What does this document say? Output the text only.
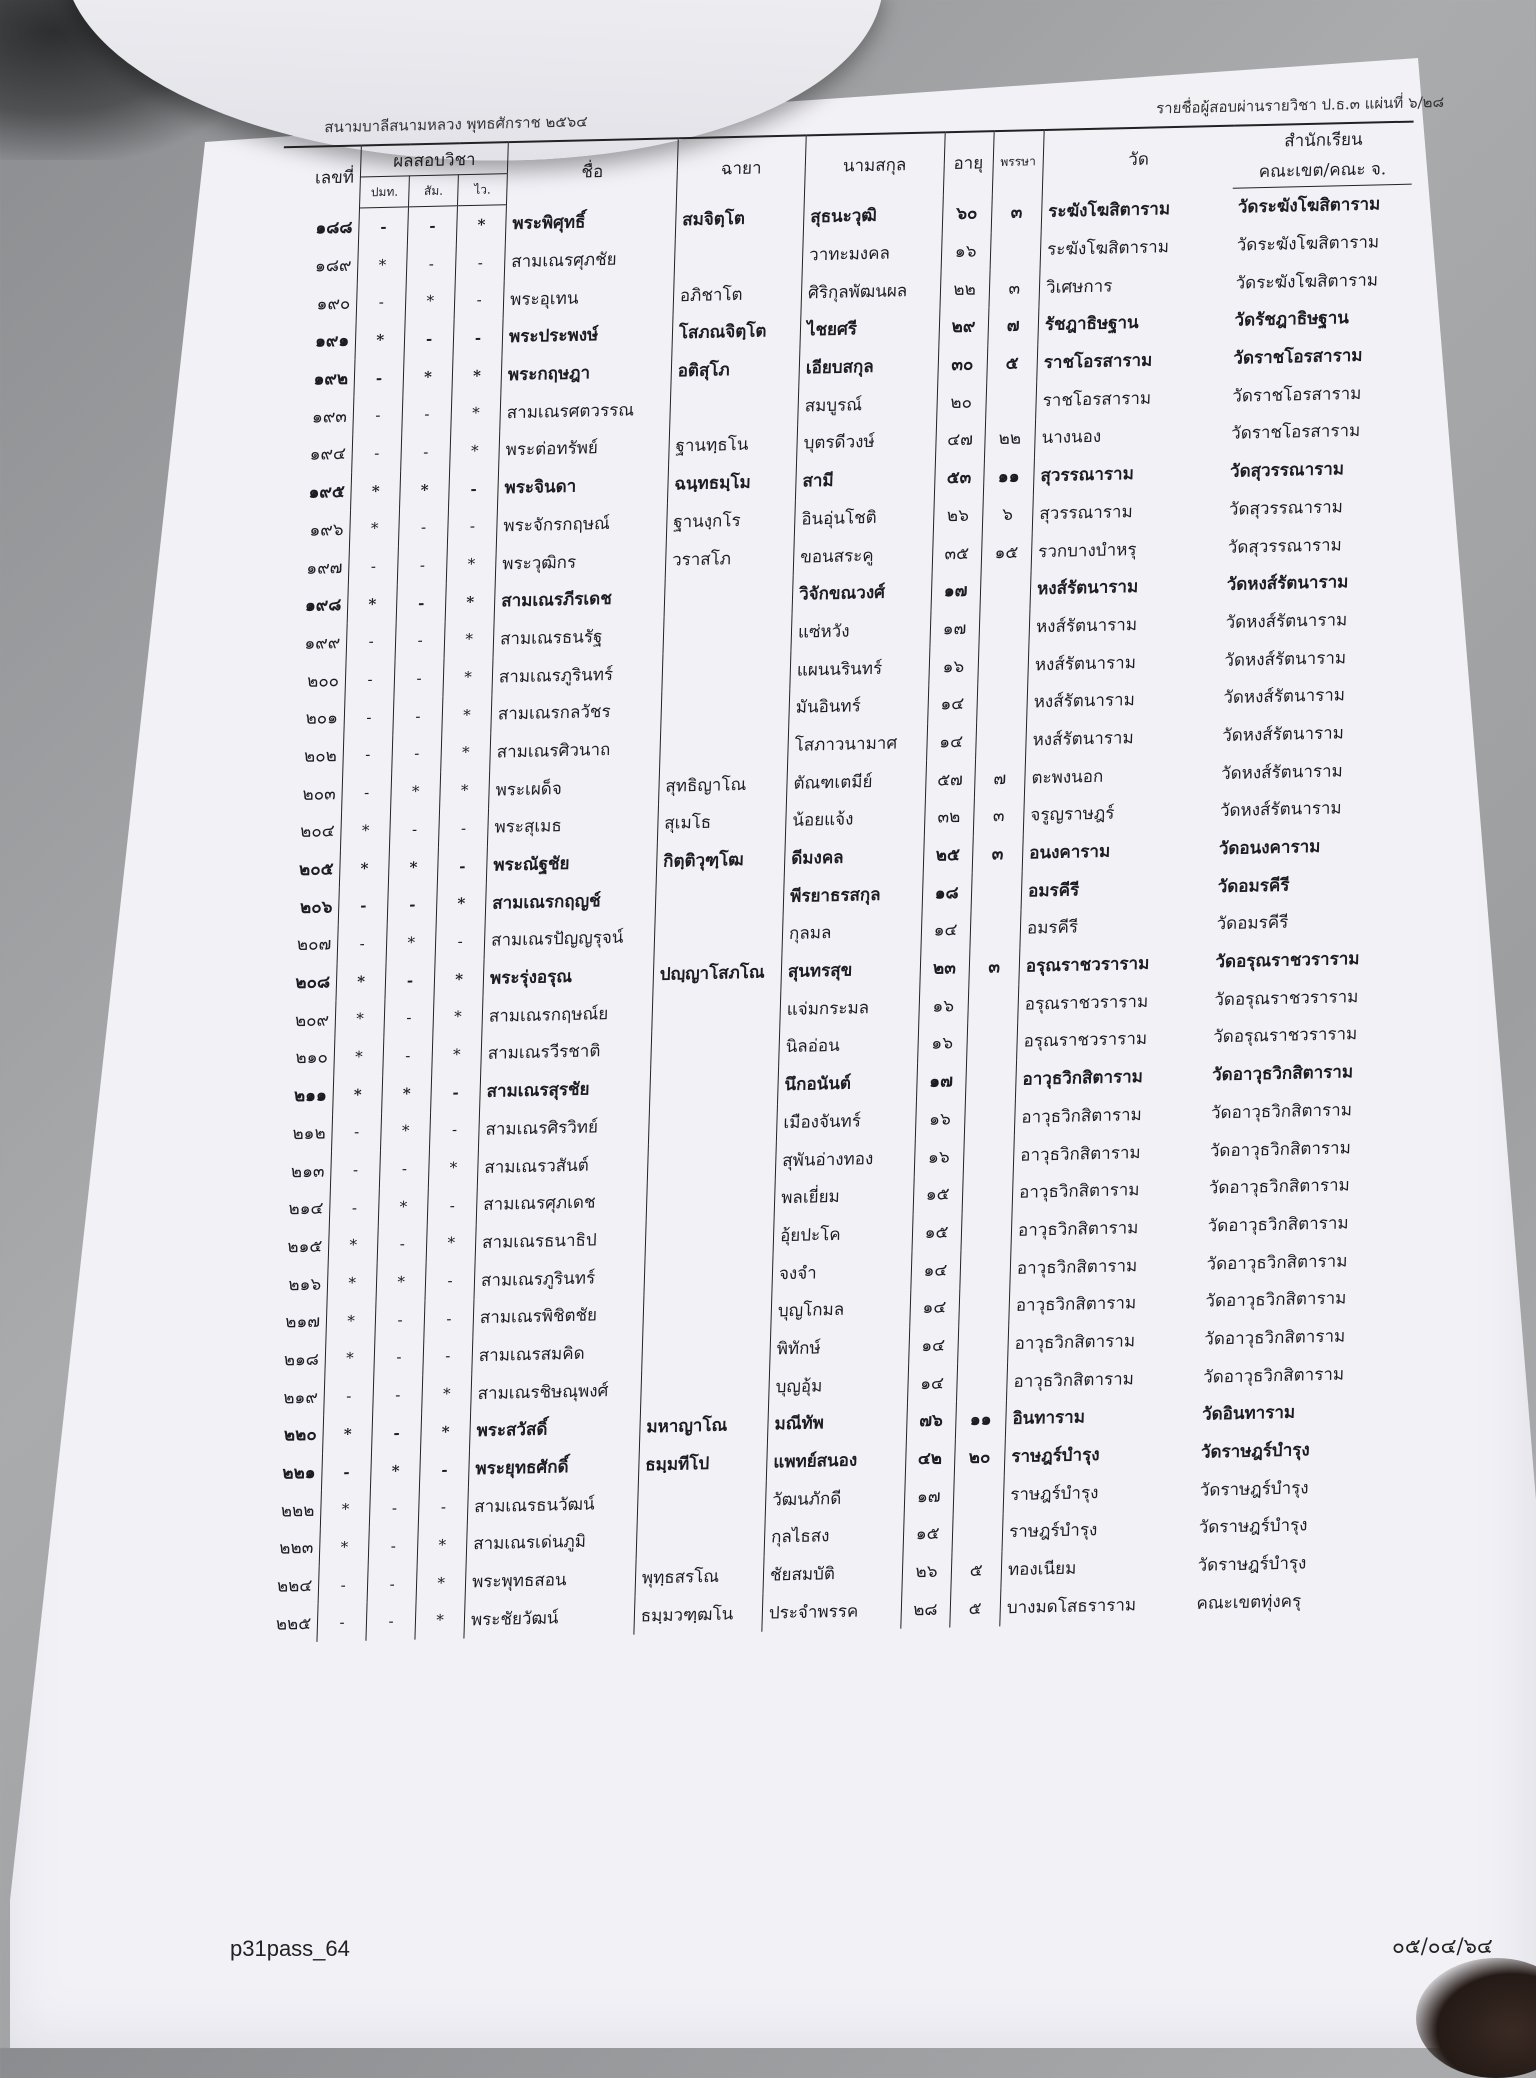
สนามบาลีสนามหลวง พุทธศักราช ๒๕๖๔
รายชื่อผู้สอบผ่านรายวิชา ป.ธ.๓ แผ่นที่ ๖/๒๘
เลขที่	ผลสอบวิชา			ชื่อ	ฉายา	นามสกุล	อายุ	พรรษา	วัด	สำนักเรียน
	ปมท.	สัม.	ไว.							คณะเขต/คณะ จ.
๑๘๘	-	-	*	พระพิศุทธิ์	สมจิตฺโต	สุธนะวุฒิ	๖๐	๓	ระฆังโฆสิตาราม	วัดระฆังโฆสิตาราม
๑๘๙	*	-	-	สามเณรศุภชัย		วาทะมงคล	๑๖		ระฆังโฆสิตาราม	วัดระฆังโฆสิตาราม
๑๙๐	-	*	-	พระอุเทน	อภิชาโต	ศิริกุลพัฒนผล	๒๒	๓	วิเศษการ	วัดระฆังโฆสิตาราม
๑๙๑	*	-	-	พระประพงษ์	โสภณจิตฺโต	ไชยศรี	๒๙	๗	รัชฎาธิษฐาน	วัดรัชฎาธิษฐาน
๑๙๒	-	*	*	พระกฤษฎา	อติสุโภ	เอียบสกุล	๓๐	๕	ราชโอรสาราม	วัดราชโอรสาราม
๑๙๓	-	-	*	สามเณรศตวรรณ		สมบูรณ์	๒๐		ราชโอรสาราม	วัดราชโอรสาราม
๑๙๔	-	-	*	พระต่อทรัพย์	ฐานทฺธโน	บุตรดีวงษ์	๔๗	๒๒	นางนอง	วัดราชโอรสาราม
๑๙๕	*	*	-	พระจินดา	ฉนฺทธมฺโม	สามี	๕๓	๑๑	สุวรรณาราม	วัดสุวรรณาราม
๑๙๖	*	-	-	พระจักรกฤษณ์	ฐานงฺกโร	อินอุ่นโชติ	๒๖	๖	สุวรรณาราม	วัดสุวรรณาราม
๑๙๗	-	-	*	พระวุฒิกร	วราสโภ	ขอนสระคู	๓๕	๑๕	รวกบางบำหรุ	วัดสุวรรณาราม
๑๙๘	*	-	*	สามเณรภีรเดช		วิจักขณวงศ์	๑๗		หงส์รัตนาราม	วัดหงส์รัตนาราม
๑๙๙	-	-	*	สามเณรธนรัฐ		แซ่หวัง	๑๗		หงส์รัตนาราม	วัดหงส์รัตนาราม
๒๐๐	-	-	*	สามเณรภูรินทร์		แผนนรินทร์	๑๖		หงส์รัตนาราม	วัดหงส์รัตนาราม
๒๐๑	-	-	*	สามเณรกลวัชร		มันอินทร์	๑๔		หงส์รัตนาราม	วัดหงส์รัตนาราม
๒๐๒	-	-	*	สามเณรศิวนาถ		โสภาวนามาศ	๑๔		หงส์รัตนาราม	วัดหงส์รัตนาราม
๒๐๓	-	*	*	พระเผด็จ	สุทธิญาโณ	ตัณฑเตมีย์	๕๗	๗	ตะพงนอก	วัดหงส์รัตนาราม
๒๐๔	*	-	-	พระสุเมธ	สุเมโธ	น้อยแจ้ง	๓๒	๓	จรูญราษฎร์	วัดหงส์รัตนาราม
๒๐๕	*	*	-	พระณัฐชัย	กิตฺติวุฑฺโฒ	ดีมงคล	๒๕	๓	อนงคาราม	วัดอนงคาราม
๒๐๖	-	-	*	สามเณรกฤญช์		พีรยาธรสกุล	๑๘		อมรคีรี	วัดอมรคีรี
๒๐๗	-	*	-	สามเณรปัญญรุจน์		กุลมล	๑๔		อมรคีรี	วัดอมรคีรี
๒๐๘	*	-	*	พระรุ่งอรุณ	ปญฺญาโสภโณ	สุนทรสุข	๒๓	๓	อรุณราชวราราม	วัดอรุณราชวราราม
๒๐๙	*	-	*	สามเณรกฤษณ์ย		แจ่มกระมล	๑๖		อรุณราชวราราม	วัดอรุณราชวราราม
๒๑๐	*	-	*	สามเณรวีรชาติ		นิลอ่อน	๑๖		อรุณราชวราราม	วัดอรุณราชวราราม
๒๑๑	*	*	-	สามเณรสุรชัย		นึกอนันต์	๑๗		อาวุธวิกสิตาราม	วัดอาวุธวิกสิตาราม
๒๑๒	-	*	-	สามเณรศิรวิทย์		เมืองจันทร์	๑๖		อาวุธวิกสิตาราม	วัดอาวุธวิกสิตาราม
๒๑๓	-	-	*	สามเณรวสันต์		สุพันอ่างทอง	๑๖		อาวุธวิกสิตาราม	วัดอาวุธวิกสิตาราม
๒๑๔	-	*	-	สามเณรศุภเดช		พลเยี่ยม	๑๕		อาวุธวิกสิตาราม	วัดอาวุธวิกสิตาราม
๒๑๕	*	-	*	สามเณรธนาธิป		อุ้ยปะโค	๑๕		อาวุธวิกสิตาราม	วัดอาวุธวิกสิตาราม
๒๑๖	*	*	-	สามเณรภูรินทร์		จงจำ	๑๔		อาวุธวิกสิตาราม	วัดอาวุธวิกสิตาราม
๒๑๗	*	-	-	สามเณรพิชิตชัย		บุญโกมล	๑๔		อาวุธวิกสิตาราม	วัดอาวุธวิกสิตาราม
๒๑๘	*	-	-	สามเณรสมคิด		พิทักษ์	๑๔		อาวุธวิกสิตาราม	วัดอาวุธวิกสิตาราม
๒๑๙	-	-	*	สามเณรชิษณุพงศ์		บุญอุ้ม	๑๔		อาวุธวิกสิตาราม	วัดอาวุธวิกสิตาราม
๒๒๐	*	-	*	พระสวัสดิ์	มหาญาโณ	มณีทัพ	๗๖	๑๑	อินทาราม	วัดอินทาราม
๒๒๑	-	*	-	พระยุทธศักดิ์	ธมฺมทีโป	แพทย์สนอง	๔๒	๒๐	ราษฎร์บำรุง	วัดราษฎร์บำรุง
๒๒๒	*	-	-	สามเณรธนวัฒน์		วัฒนภักดี	๑๗		ราษฎร์บำรุง	วัดราษฎร์บำรุง
๒๒๓	*	-	*	สามเณรเด่นภูมิ		กุลไธสง	๑๕		ราษฎร์บำรุง	วัดราษฎร์บำรุง
๒๒๔	-	-	*	พระพุทธสอน	พุทฺธสรโณ	ชัยสมบัติ	๒๖	๕	ทองเนียม	วัดราษฎร์บำรุง
๒๒๕	-	-	*	พระชัยวัฒน์	ธมฺมวฑฺฒโน	ประจำพรรค	๒๘	๕	บางมดโสธราราม	คณะเขตทุ่งครุ
p31pass_64	๐๕/๐๔/๖๔
